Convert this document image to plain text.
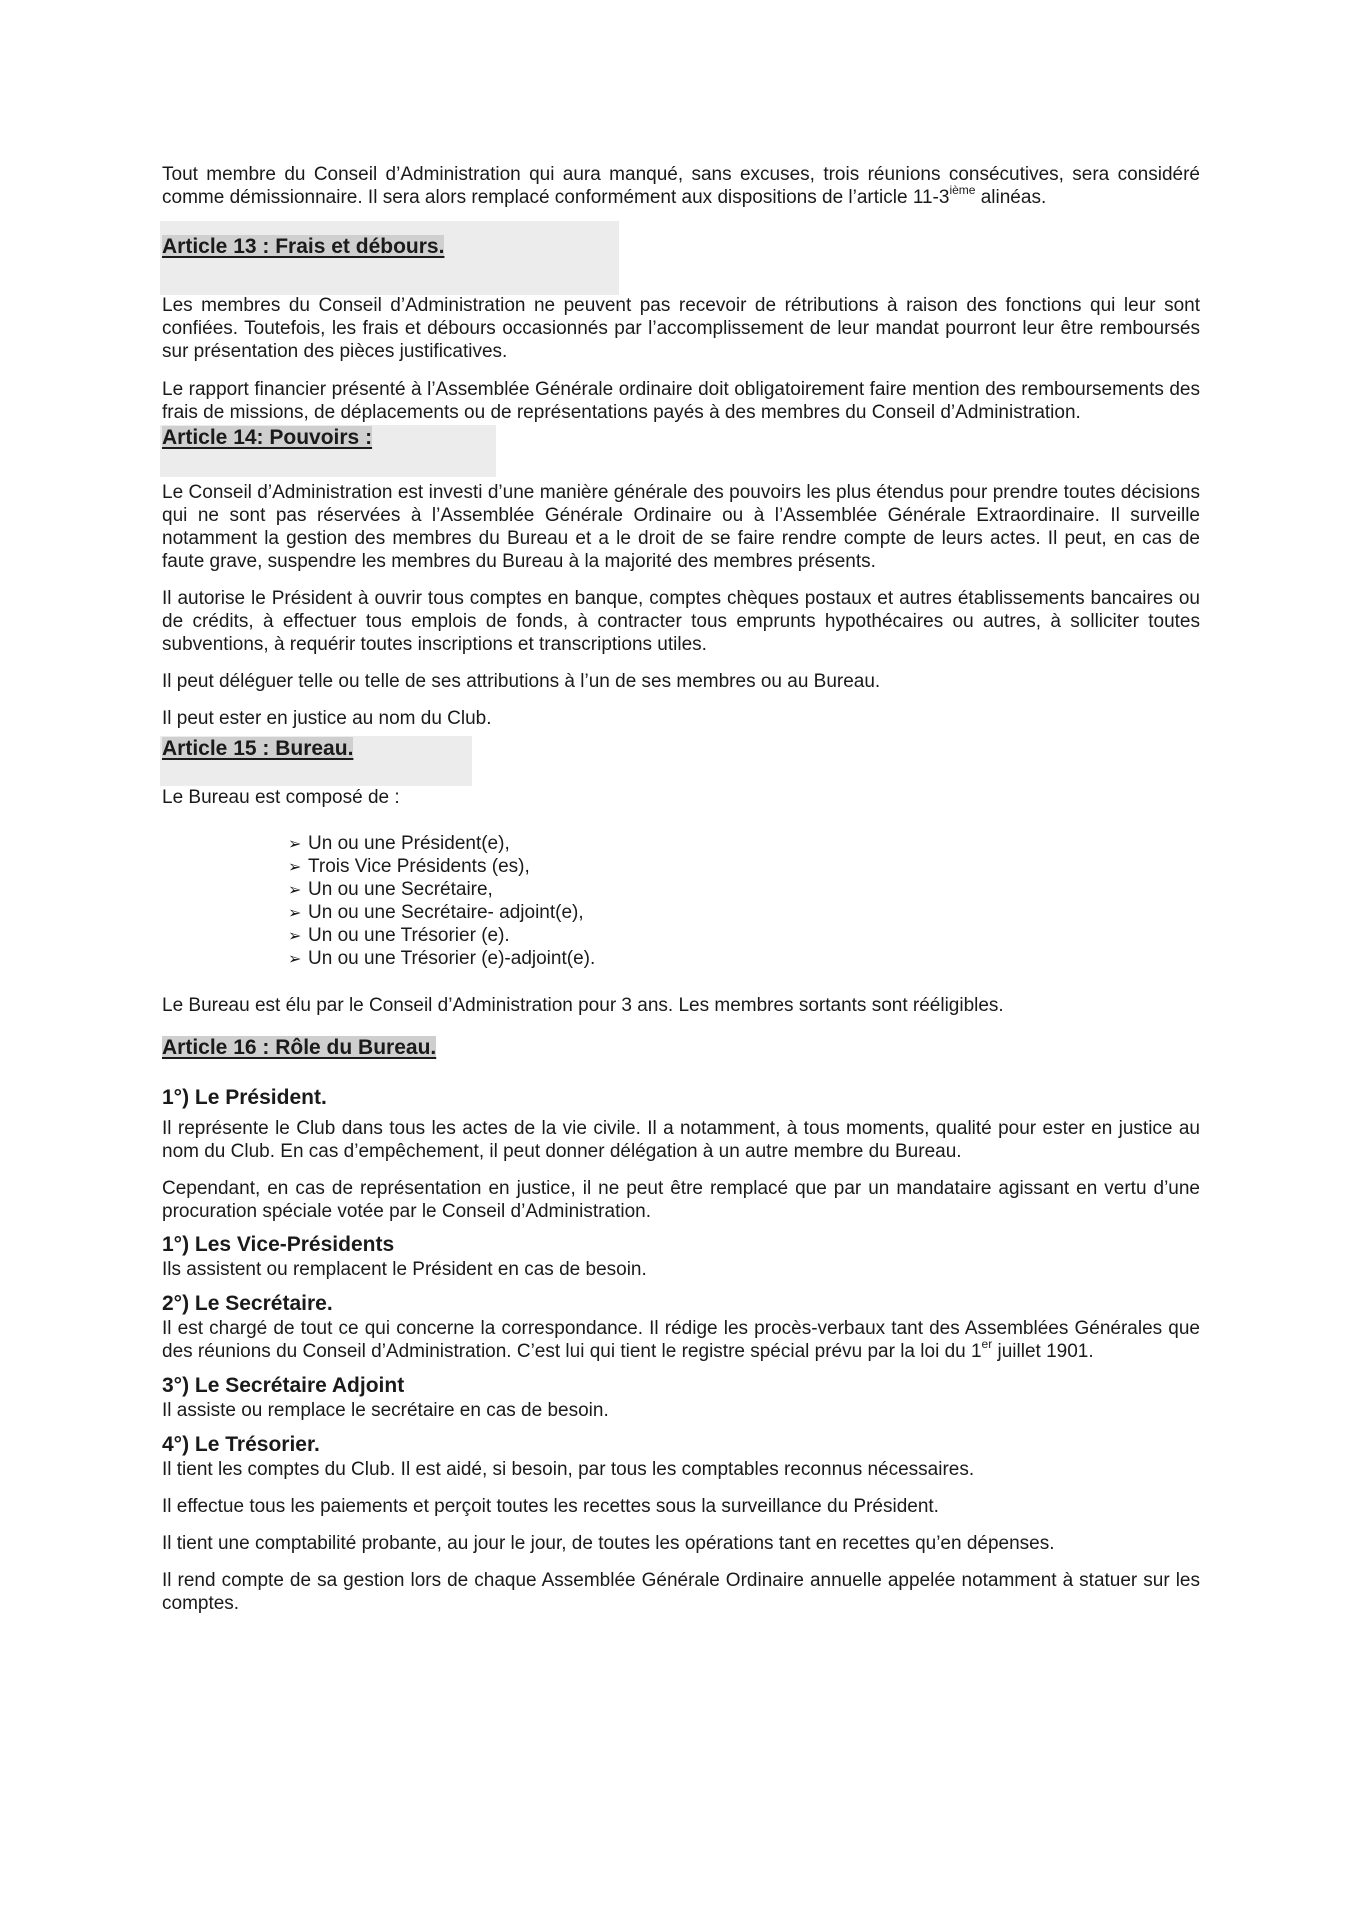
Tout membre du Conseil d’Administration qui aura manqué, sans excuses, trois réunions consécutives, sera considéré comme démissionnaire. Il sera alors remplacé conformément aux dispositions de l’article 11-3ième alinéas.

Article 13 : Frais et débours.

Les membres du Conseil d’Administration ne peuvent pas recevoir de rétributions à raison des fonctions qui leur sont confiées. Toutefois, les frais et débours occasionnés par l’accomplissement de leur mandat pourront leur être remboursés sur présentation des pièces justificatives.

Le rapport financier présenté à l’Assemblée Générale ordinaire doit obligatoirement faire mention des remboursements des frais de missions, de déplacements ou de représentations payés à des membres du Conseil d’Administration.

Article 14: Pouvoirs :

Le Conseil d’Administration est investi d’une manière générale des pouvoirs les plus étendus pour prendre toutes décisions qui ne sont pas réservées à l’Assemblée Générale Ordinaire ou à l’Assemblée Générale Extraordinaire. Il surveille notamment la gestion des membres du Bureau et a le droit de se faire rendre compte de leurs actes. Il peut, en cas de faute grave, suspendre les membres du Bureau à la majorité des membres présents.

Il autorise le Président à ouvrir tous comptes en banque, comptes chèques postaux et autres établissements bancaires ou de crédits, à effectuer tous emplois de fonds, à contracter tous emprunts hypothécaires ou autres, à solliciter toutes subventions, à requérir toutes inscriptions et transcriptions utiles.

Il peut déléguer telle ou telle de ses attributions à l’un de ses membres ou au Bureau.

Il peut ester en justice au nom du Club.

Article 15 : Bureau.

Le Bureau est composé de :

➢ Un ou une Président(e),
➢ Trois Vice Présidents (es),
➢ Un ou une Secrétaire,
➢ Un ou une Secrétaire- adjoint(e),
➢ Un ou une Trésorier (e).
➢ Un ou une Trésorier (e)-adjoint(e).

Le Bureau est élu par le Conseil d’Administration pour 3 ans. Les membres sortants sont rééligibles.

Article 16 : Rôle du Bureau.
1°) Le Président.

Il représente le Club dans tous les actes de la vie civile. Il a notamment, à tous moments, qualité pour ester en justice au nom du Club. En cas d’empêchement, il peut donner délégation à un autre membre du Bureau.

Cependant, en cas de représentation en justice, il ne peut être remplacé que par un mandataire agissant en vertu d’une procuration spéciale votée par le Conseil d’Administration.

1°) Les Vice-Présidents

Ils assistent ou remplacent le Président en cas de besoin.

2°) Le Secrétaire.

Il est chargé de tout ce qui concerne la correspondance. Il rédige les procès-verbaux tant des Assemblées Générales que des réunions du Conseil d’Administration. C’est lui qui tient le registre spécial prévu par la loi du 1er juillet 1901.

3°) Le Secrétaire Adjoint

Il assiste ou remplace le secrétaire en cas de besoin.

4°) Le Trésorier.

Il tient les comptes du Club. Il est aidé, si besoin, par tous les comptables reconnus nécessaires.

Il effectue tous les paiements et perçoit toutes les recettes sous la surveillance du Président.

Il tient une comptabilité probante, au jour le jour, de toutes les opérations tant en recettes qu’en dépenses.

Il rend compte de sa gestion lors de chaque Assemblée Générale Ordinaire annuelle appelée notamment à statuer sur les comptes.
